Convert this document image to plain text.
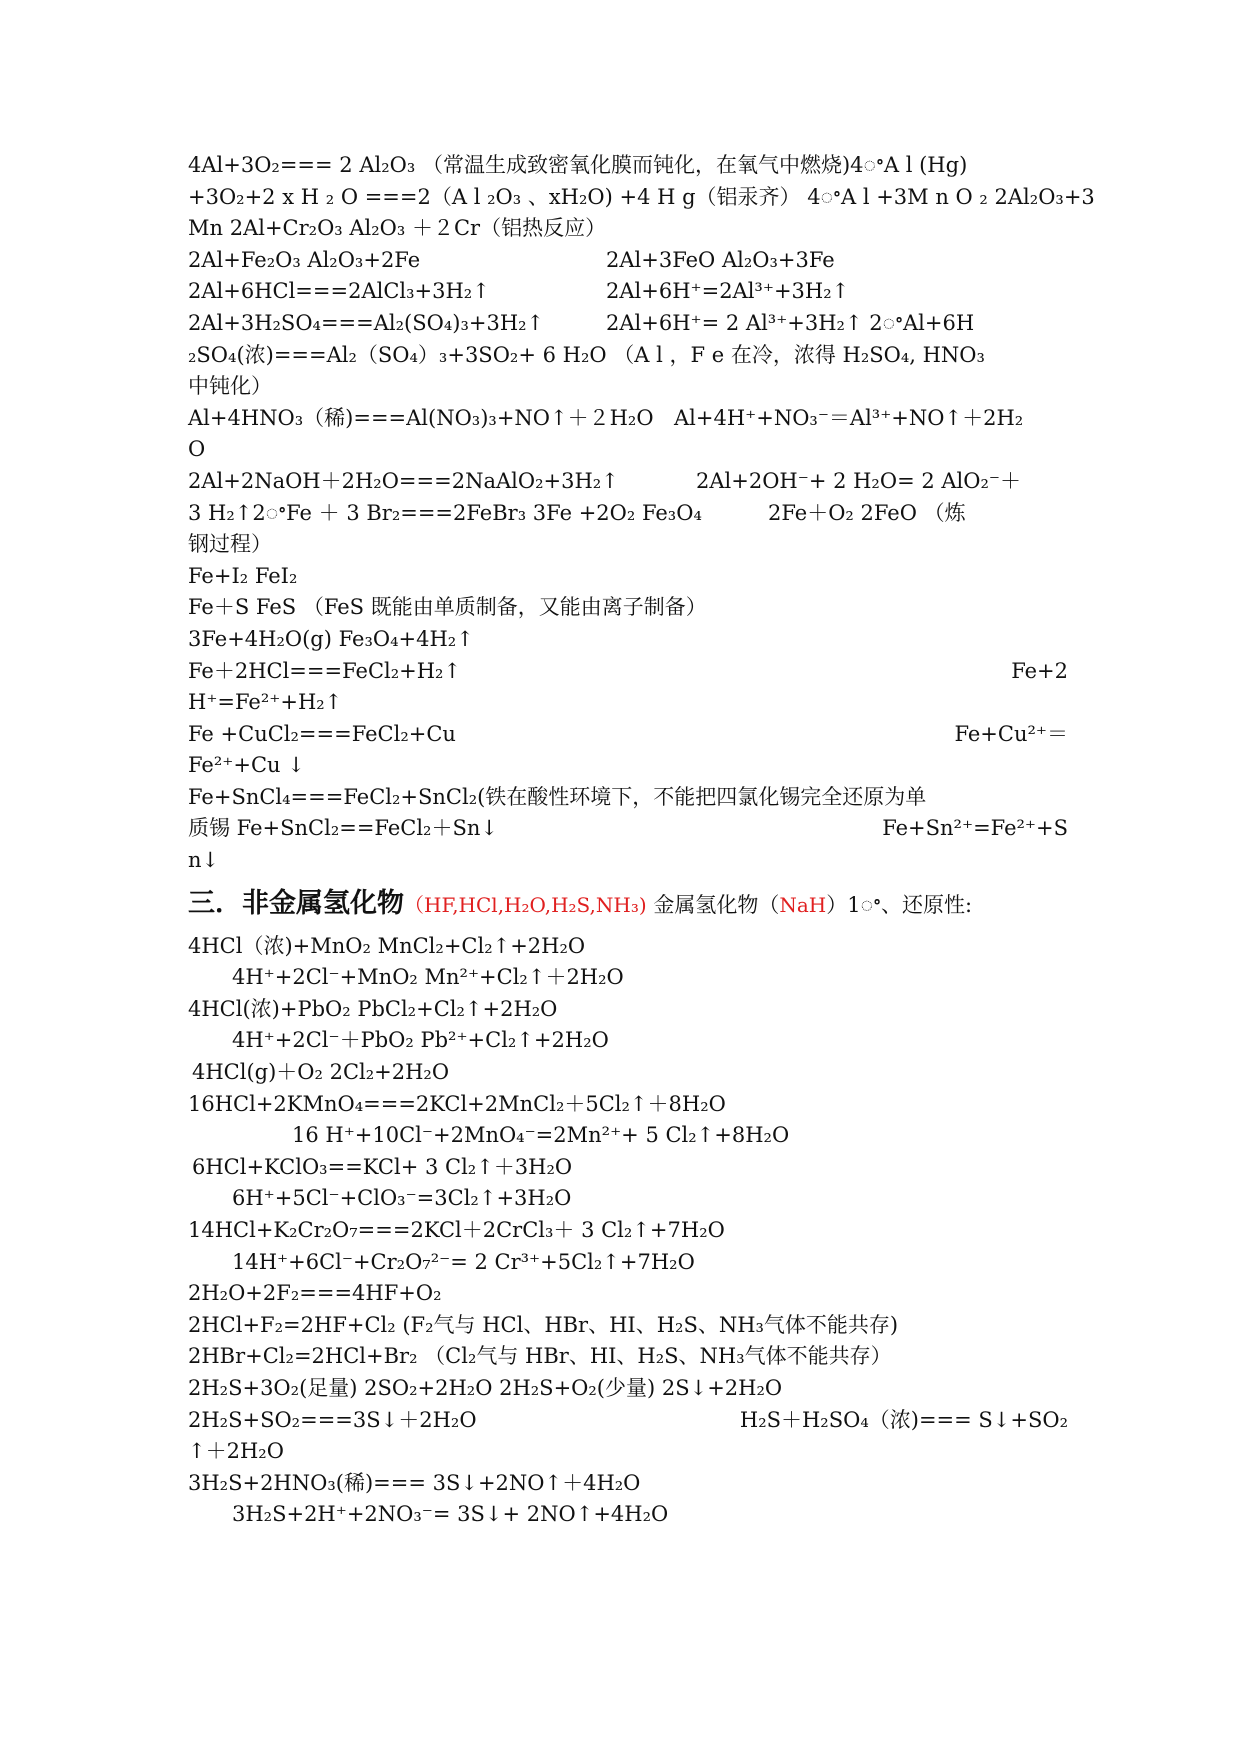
4Al+3O₂=== 2 Al₂O₃ （常温生成致密氧化膜而钝化，在氧气中燃烧)4ꢀA l (Hg)
+3O₂+2 x H ₂ O ===2（A l ₂O₃ 、xH₂O) +4 H g（铝汞齐） 4ꢀA l +3M n O ₂ 2Al₂O₃+3
Mn 2Al+Cr₂O₃ Al₂O₃ ＋２Cr（铝热反应）
2Al+Fe₂O₃ Al₂O₃+2Fe	2Al+3FeO Al₂O₃+3Fe
2Al+6HCl===2AlCl₃+3H₂↑	2Al+6H⁺=2Al³⁺+3H₂↑
2Al+3H₂SO₄===Al₂(SO₄)₃+3H₂↑	2Al+6H⁺= 2 Al³⁺+3H₂↑ 2ꢀAl+6H
₂SO₄(浓)===Al₂（SO₄）₃+3SO₂+ 6 H₂O （A l ，F e 在冷，浓得 H₂SO₄, HNO₃
中钝化）
Al+4HNO₃（稀)===Al(NO₃)₃+NO↑＋２H₂O Al+4H⁺+NO₃⁻＝Al³⁺+NO↑＋2H₂
O
2Al+2NaOH＋2H₂O===2NaAlO₂+3H₂↑	2Al+2OH⁻+ 2 H₂O= 2 AlO₂⁻＋
3 H₂↑2ꢀFe ＋ 3 Br₂===2FeBr₃ 3Fe +2O₂ Fe₃O₄	2Fe＋O₂ 2FeO （炼
钢过程）
Fe+I₂ FeI₂
Fe＋S FeS （FeS 既能由单质制备，又能由离子制备）
3Fe+4H₂O(g) Fe₃O₄+4H₂↑
Fe＋2HCl===FeCl₂+H₂↑	Fe+2
H⁺=Fe²⁺+H₂↑
Fe +CuCl₂===FeCl₂+Cu	Fe+Cu²⁺＝
Fe²⁺+Cu ↓
Fe+SnCl₄===FeCl₂+SnCl₂(铁在酸性环境下，不能把四氯化锡完全还原为单
质锡 Fe+SnCl₂==FeCl₂＋Sn↓	Fe+Sn²⁺=Fe²⁺+S
n↓
三．非金属氢化物（HF,HCl,H₂O,H₂S,NH₃) 金属氢化物（NaH）1ꢀ、还原性:
4HCl（浓)+MnO₂ MnCl₂+Cl₂↑+2H₂O
4H⁺+2Cl⁻+MnO₂ Mn²⁺+Cl₂↑＋2H₂O
4HCl(浓)+PbO₂ PbCl₂+Cl₂↑+2H₂O
4H⁺+2Cl⁻＋PbO₂ Pb²⁺+Cl₂↑+2H₂O
4HCl(g)＋O₂ 2Cl₂+2H₂O
16HCl+2KMnO₄===2KCl+2MnCl₂＋5Cl₂↑＋8H₂O
16 H⁺+10Cl⁻+2MnO₄⁻=2Mn²⁺+ 5 Cl₂↑+8H₂O
6HCl+KClO₃==KCl+ 3 Cl₂↑＋3H₂O
6H⁺+5Cl⁻+ClO₃⁻=3Cl₂↑+3H₂O
14HCl+K₂Cr₂O₇===2KCl＋2CrCl₃＋ 3 Cl₂↑+7H₂O
14H⁺+6Cl⁻+Cr₂O₇²⁻= 2 Cr³⁺+5Cl₂↑+7H₂O
2H₂O+2F₂===4HF+O₂
2HCl+F₂=2HF+Cl₂ (F₂气与 HCl、HBr、HI、H₂S、NH₃气体不能共存)
2HBr+Cl₂=2HCl+Br₂ （Cl₂气与 HBr、HI、H₂S、NH₃气体不能共存）
2H₂S+3O₂(足量) 2SO₂+2H₂O 2H₂S+O₂(少量) 2S↓+2H₂O
2H₂S+SO₂===3S↓＋2H₂O	H₂S＋H₂SO₄（浓)=== S↓+SO₂
↑＋2H₂O
3H₂S+2HNO₃(稀)=== 3S↓+2NO↑＋4H₂O
3H₂S+2H⁺+2NO₃⁻= 3S↓+ 2NO↑+4H₂O
